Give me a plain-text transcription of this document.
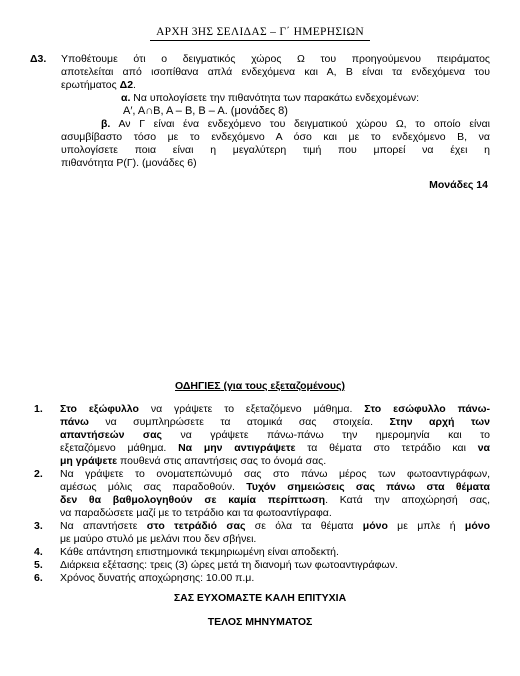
ΑΡΧΗ 3ΗΣ ΣΕΛΙΔΑΣ – Γ΄ ΗΜΕΡΗΣΙΩΝ
Δ3. Υποθέτουμε ότι ο δειγματικός χώρος Ω του προηγούμενου πειράματος
αποτελείται από ισοπίθανα απλά ενδεχόμενα και Α, Β είναι τα ενδεχόμενα του
ερωτήματος Δ2.
α. Να υπολογίσετε την πιθανότητα των παρακάτω ενδεχομένων:
Α′, Α∩Β, Α – Β, Β – Α. (μονάδες 8)
β. Αν Γ είναι ένα ενδεχόμενο του δειγματικού χώρου Ω, το οποίο είναι
ασυμβίβαστο τόσο με το ενδεχόμενο Α όσο και με το ενδεχόμενο Β, να
υπολογίσετε ποια είναι η μεγαλύτερη τιμή που μπορεί να έχει η
πιθανότητα Ρ(Γ). (μονάδες 6)
Μονάδες 14
ΟΔΗΓΙΕΣ (για τους εξεταζομένους)
1. Στο εξώφυλλο να γράψετε το εξεταζόμενο μάθημα. Στο εσώφυλλο πάνω-
πάνω να συμπληρώσετε τα ατομικά σας στοιχεία. Στην αρχή των
απαντήσεών σας να γράψετε πάνω-πάνω την ημερομηνία και το
εξεταζόμενο μάθημα. Να μην αντιγράψετε τα θέματα στο τετράδιο και να
μη γράψετε πουθενά στις απαντήσεις σας το όνομά σας.
2. Να γράψετε το ονοματεπώνυμό σας στο πάνω μέρος των φωτοαντιγράφων,
αμέσως μόλις σας παραδοθούν. Τυχόν σημειώσεις σας πάνω στα θέματα
δεν θα βαθμολογηθούν σε καμία περίπτωση. Κατά την αποχώρησή σας,
να παραδώσετε μαζί με το τετράδιο και τα φωτοαντίγραφα.
3. Να απαντήσετε στο τετράδιό σας σε όλα τα θέματα μόνο με μπλε ή μόνο
με μαύρο στυλό με μελάνι που δεν σβήνει.
4. Κάθε απάντηση επιστημονικά τεκμηριωμένη είναι αποδεκτή.
5. Διάρκεια εξέτασης: τρεις (3) ώρες μετά τη διανομή των φωτοαντιγράφων.
6. Χρόνος δυνατής αποχώρησης: 10.00 π.μ.
ΣΑΣ ΕΥΧΟΜΑΣΤΕ ΚΑΛΗ ΕΠΙΤΥΧΙΑ
ΤΕΛΟΣ ΜΗΝΥΜΑΤΟΣ
